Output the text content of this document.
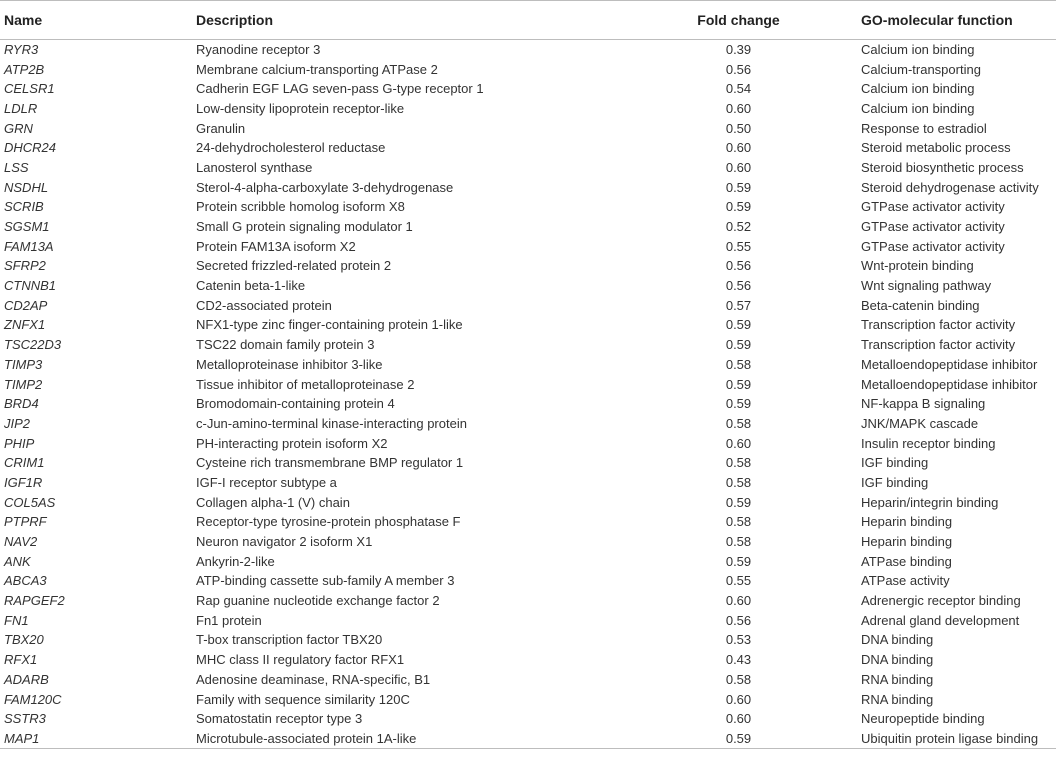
Name	Description	Fold change	GO-molecular function
RYR3	Ryanodine receptor 3	0.39	Calcium ion binding
ATP2B	Membrane calcium-transporting ATPase 2	0.56	Calcium-transporting
CELSR1	Cadherin EGF LAG seven-pass G-type receptor 1	0.54	Calcium ion binding
LDLR	Low-density lipoprotein receptor-like	0.60	Calcium ion binding
GRN	Granulin	0.50	Response to estradiol
DHCR24	24-dehydrocholesterol reductase	0.60	Steroid metabolic process
LSS	Lanosterol synthase	0.60	Steroid biosynthetic process
NSDHL	Sterol-4-alpha-carboxylate 3-dehydrogenase	0.59	Steroid dehydrogenase activity
SCRIB	Protein scribble homolog isoform X8	0.59	GTPase activator activity
SGSM1	Small G protein signaling modulator 1	0.52	GTPase activator activity
FAM13A	Protein FAM13A isoform X2	0.55	GTPase activator activity
SFRP2	Secreted frizzled-related protein 2	0.56	Wnt-protein binding
CTNNB1	Catenin beta-1-like	0.56	Wnt signaling pathway
CD2AP	CD2-associated protein	0.57	Beta-catenin binding
ZNFX1	NFX1-type zinc finger-containing protein 1-like	0.59	Transcription factor activity
TSC22D3	TSC22 domain family protein 3	0.59	Transcription factor activity
TIMP3	Metalloproteinase inhibitor 3-like	0.58	Metalloendopeptidase inhibitor
TIMP2	Tissue inhibitor of metalloproteinase 2	0.59	Metalloendopeptidase inhibitor
BRD4	Bromodomain-containing protein 4	0.59	NF-kappa B signaling
JIP2	c-Jun-amino-terminal kinase-interacting protein	0.58	JNK/MAPK cascade
PHIP	PH-interacting protein isoform X2	0.60	Insulin receptor binding
CRIM1	Cysteine rich transmembrane BMP regulator 1	0.58	IGF binding
IGF1R	IGF-I receptor subtype a	0.58	IGF binding
COL5AS	Collagen alpha-1 (V) chain	0.59	Heparin/integrin binding
PTPRF	Receptor-type tyrosine-protein phosphatase F	0.58	Heparin binding
NAV2	Neuron navigator 2 isoform X1	0.58	Heparin binding
ANK	Ankyrin-2-like	0.59	ATPase binding
ABCA3	ATP-binding cassette sub-family A member 3	0.55	ATPase activity
RAPGEF2	Rap guanine nucleotide exchange factor 2	0.60	Adrenergic receptor binding
FN1	Fn1 protein	0.56	Adrenal gland development
TBX20	T-box transcription factor TBX20	0.53	DNA binding
RFX1	MHC class II regulatory factor RFX1	0.43	DNA binding
ADARB	Adenosine deaminase, RNA-specific, B1	0.58	RNA binding
FAM120C	Family with sequence similarity 120C	0.60	RNA binding
SSTR3	Somatostatin receptor type 3	0.60	Neuropeptide binding
MAP1	Microtubule-associated protein 1A-like	0.59	Ubiquitin protein ligase binding
